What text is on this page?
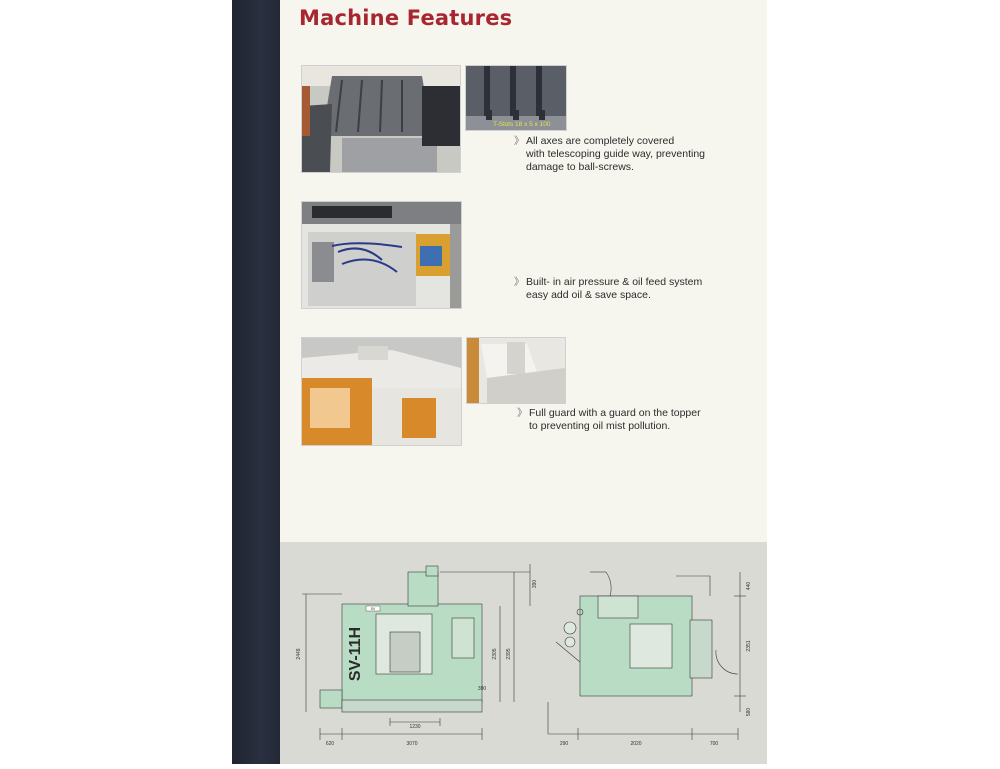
Machine Features
T-Slots 18 x 5 x 100
》 All axes are completely covered
with telescoping guide way, preventing
damage to ball-screws.
》 Built- in air pressure & oil feed system
easy add oil & save space.
》 Full guard with a guard on the topper
to preventing oil mist pollution.
SV-11H
SV
2449
620	3070
1230
2305 2395
390
390
290	2020	700
2351
440
580
